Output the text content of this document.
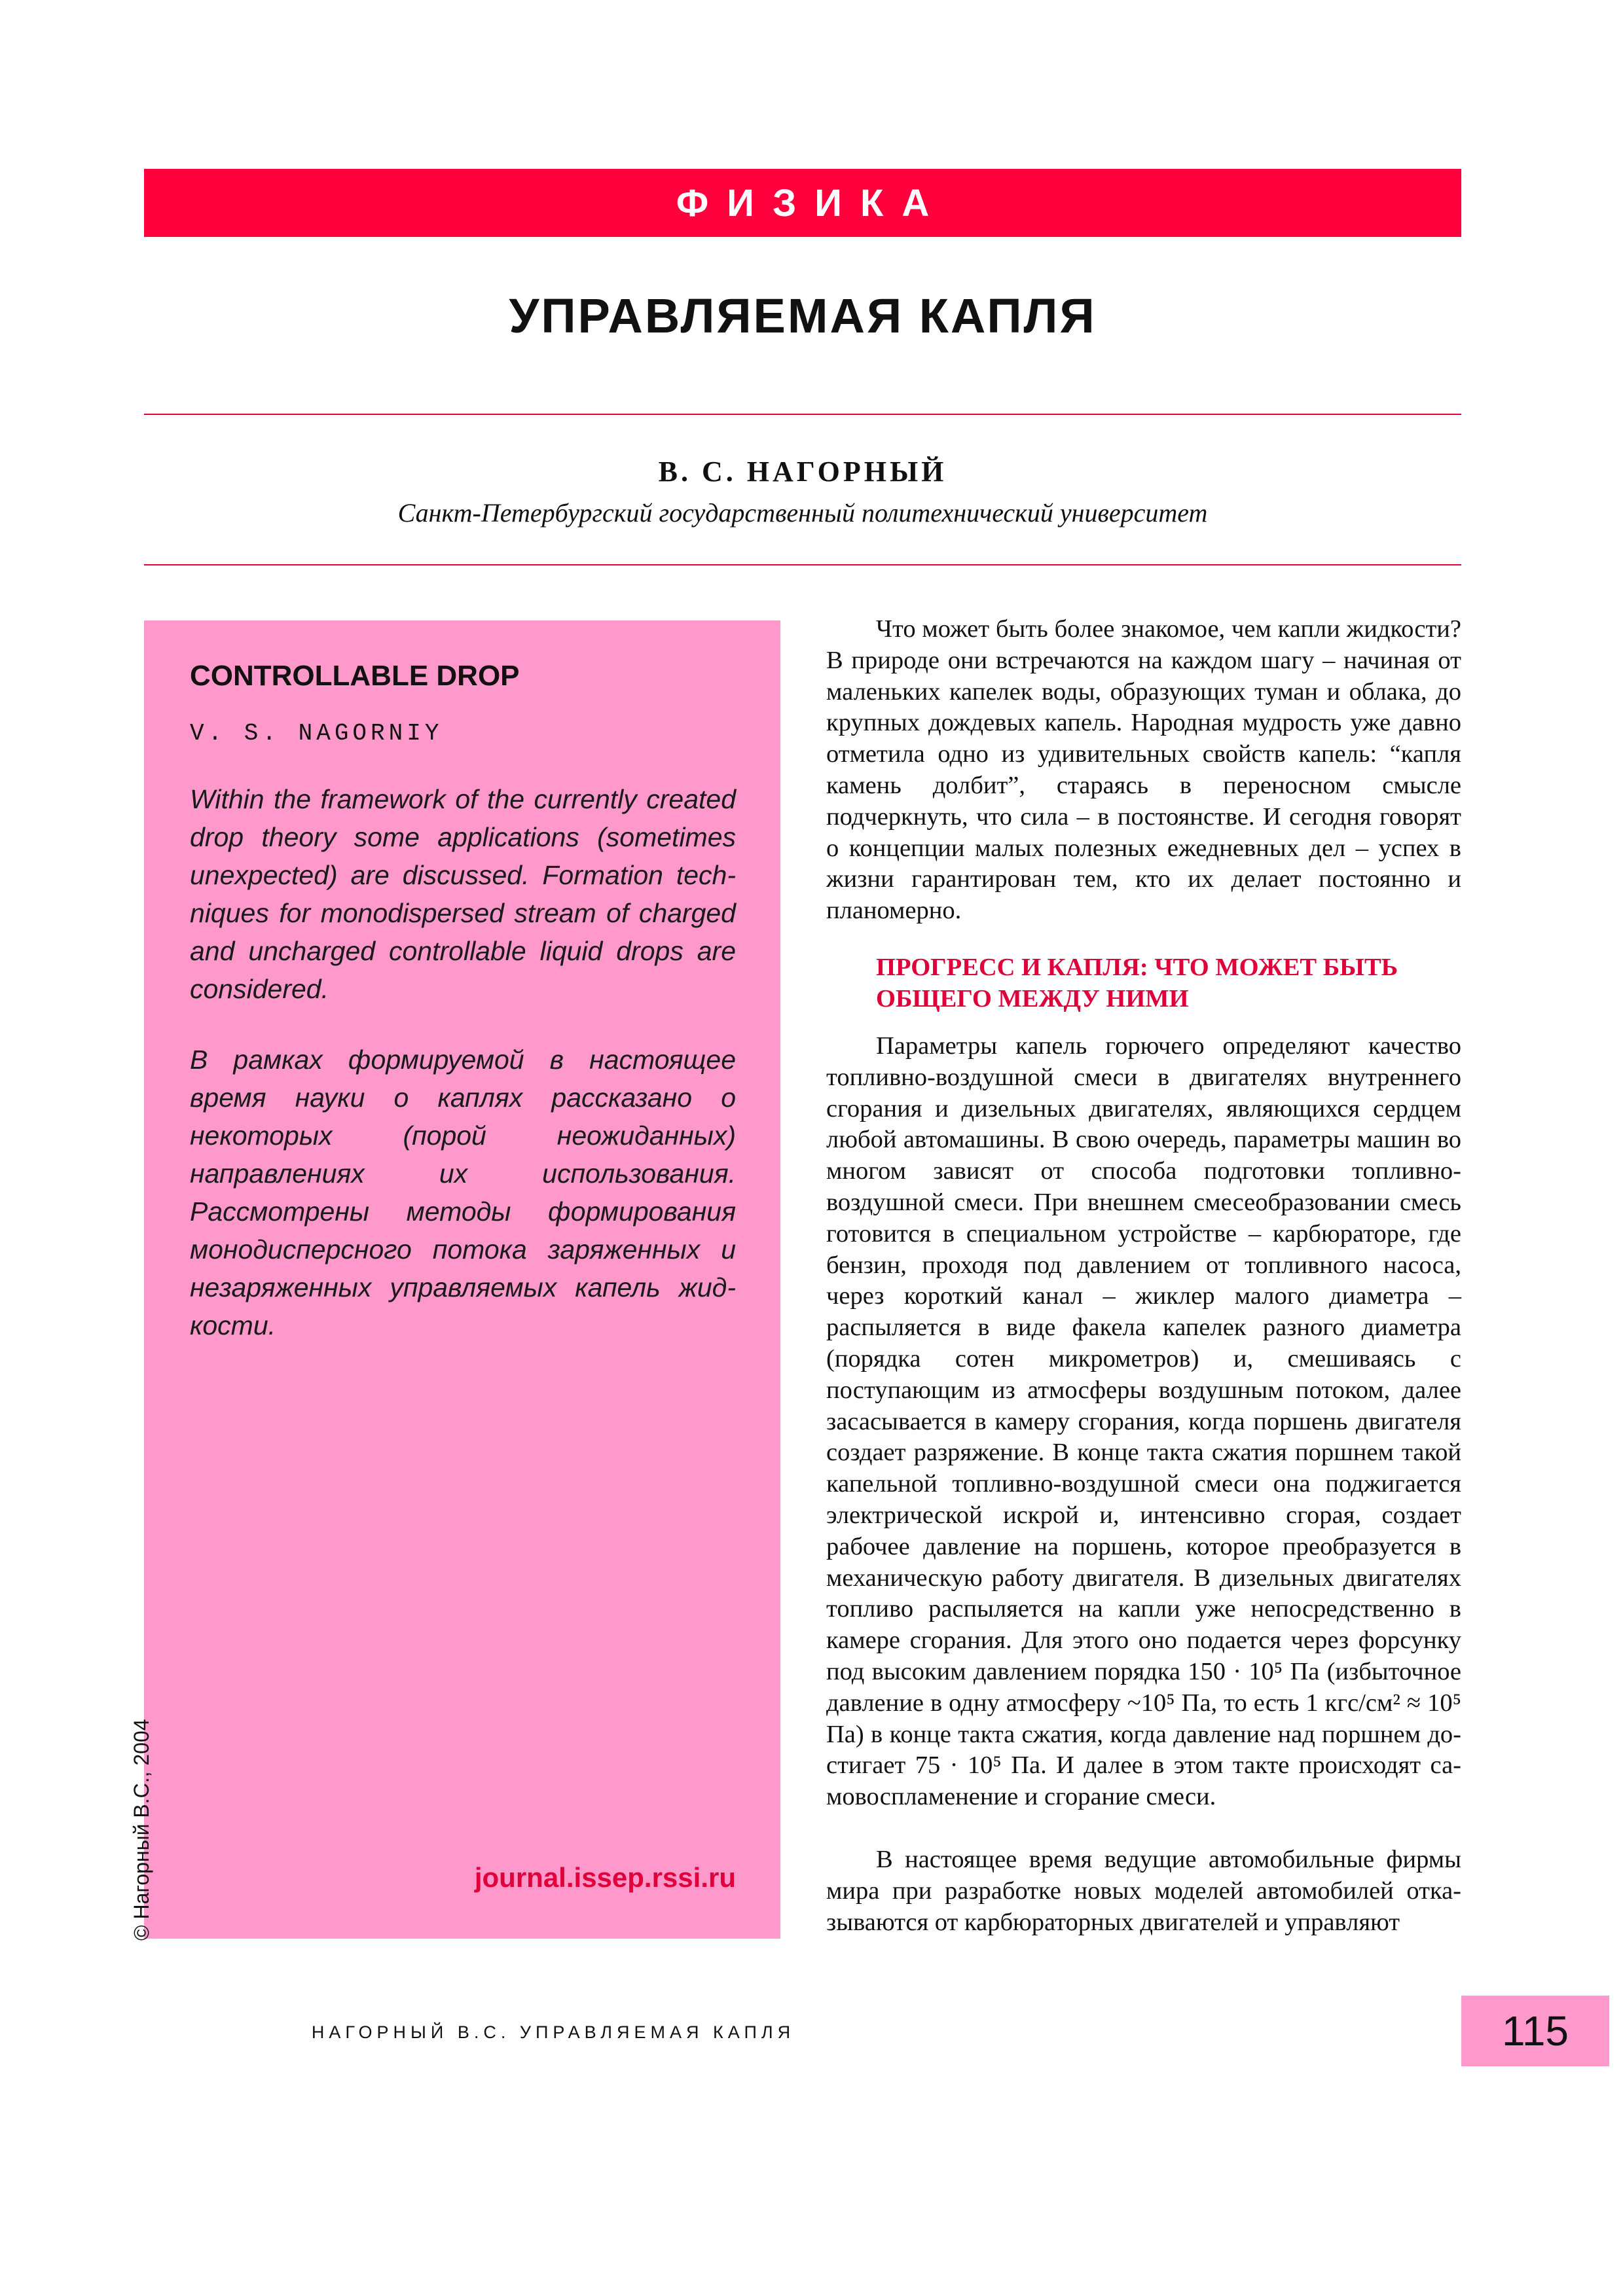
ФИЗИКА
УПРАВЛЯЕМАЯ КАПЛЯ
В. С. НАГОРНЫЙ
Санкт-Петербургский государственный политехнический университет
CONTROLLABLE DROP
V. S. NAGORNIY

Within the framework of the currently created drop theory some applications (sometimes unexpected) are discussed. Formation techniques for monodispersed stream of charged and uncharged controllable liquid drops are considered.

В рамках формируемой в настоящее время науки о каплях рассказано о некоторых (порой неожиданных) направлениях их использования. Рассмотрены методы формирования монодисперсного потока заряженных и незаряженных управляемых капель жидкости.

journal.issep.rssi.ru
© Нагорный В.С., 2004

Что может быть более знакомое, чем капли жидкости? В природе они встречаются на каждом шагу – начиная от маленьких капелек воды, образующих туман и облака, до крупных дождевых капель. Народная мудрость уже давно отметила одно из удивительных свойств капель: “капля камень долбит”, стараясь в переносном смысле подчеркнуть, что сила – в постоянстве. И сегодня говорят о концепции малых полезных ежедневных дел – успех в жизни гарантирован тем, кто их делает постоянно и планомерно.

ПРОГРЕСС И КАПЛЯ: ЧТО МОЖЕТ БЫТЬ ОБЩЕГО МЕЖДУ НИМИ

Параметры капель горючего определяют качество топливно-воздушной смеси в двигателях внутреннего сгорания и дизельных двигателях, являющихся сердцем любой автомашины. В свою очередь, параметры машин во многом зависят от способа подготовки топливно-воздушной смеси. При внешнем смесеобразовании смесь готовится в специальном устройстве – карбюраторе, где бензин, проходя под давлением от топливного насоса, через короткий канал – жиклер малого диаметра – распыляется в виде факела капелек разного диаметра (порядка сотен микрометров) и, смешиваясь с поступающим из атмосферы воздушным потоком, далее засасывается в камеру сгорания, когда поршень двигателя создает разряжение. В конце такта сжатия поршнем такой капельной топливно-воздушной смеси она поджигается электрической искрой и, интенсивно сгорая, создает рабочее давление на поршень, которое преобразуется в механическую работу двигателя. В дизельных двигателях топливо распыляется на капли уже непосредственно в камере сгорания. Для этого оно подается через форсунку под высоким давлением порядка 150 · 10⁵ Па (избыточное давление в одну атмосферу ~10⁵ Па, то есть 1 кгс/см² ≈ 10⁵ Па) в конце такта сжатия, когда давление над поршнем достигает 75 · 10⁵ Па. И далее в этом такте происходят самовоспламенение и сгорание смеси.

В настоящее время ведущие автомобильные фирмы мира при разработке новых моделей автомобилей отказываются от карбюраторных двигателей и управляют

НАГОРНЫЙ В.С. УПРАВЛЯЕМАЯ КАПЛЯ	115
